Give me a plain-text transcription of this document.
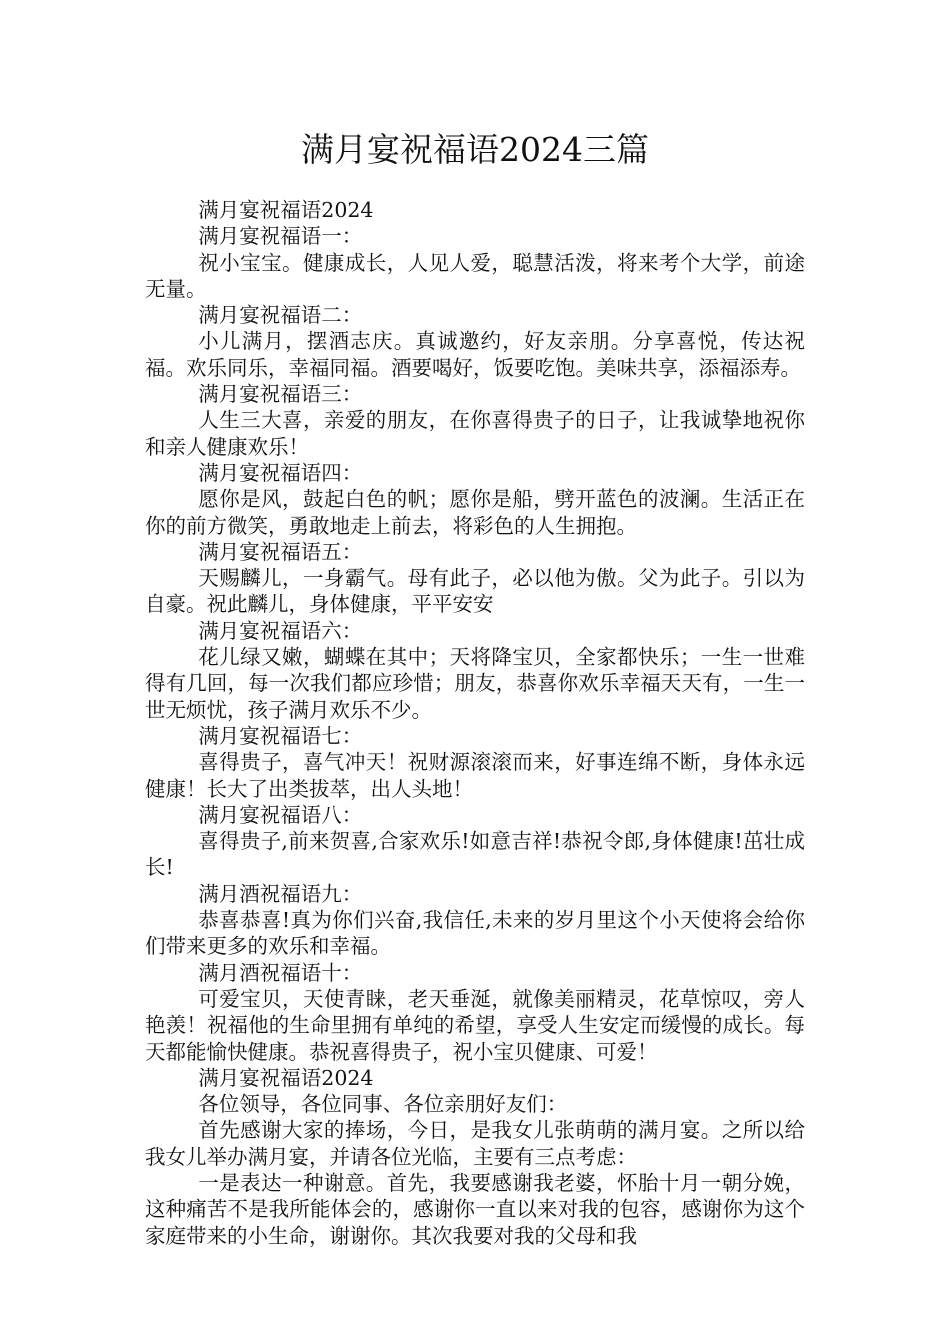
满月宴祝福语2024三篇

满月宴祝福语2024

满月宴祝福语一：

祝小宝宝。健康成长，人见人爱，聪慧活泼，将来考个大学，前途无量。

满月宴祝福语二：

小儿满月，摆酒志庆。真诚邀约，好友亲朋。分享喜悦，传达祝福。欢乐同乐，幸福同福。酒要喝好，饭要吃饱。美味共享，添福添寿。

满月宴祝福语三：

人生三大喜，亲爱的朋友，在你喜得贵子的日子，让我诚挚地祝你和亲人健康欢乐！

满月宴祝福语四：

愿你是风，鼓起白色的帆；愿你是船，劈开蓝色的波澜。生活正在你的前方微笑，勇敢地走上前去，将彩色的人生拥抱。

满月宴祝福语五：

天赐麟儿，一身霸气。母有此子，必以他为傲。父为此子。引以为自豪。祝此麟儿，身体健康，平平安安

满月宴祝福语六：

花儿绿又嫩，蝴蝶在其中；天将降宝贝，全家都快乐；一生一世难得有几回，每一次我们都应珍惜；朋友，恭喜你欢乐幸福天天有，一生一世无烦忧，孩子满月欢乐不少。

满月宴祝福语七：

喜得贵子，喜气冲天！祝财源滚滚而来，好事连绵不断，身体永远健康！长大了出类拔萃，出人头地！

满月宴祝福语八：

喜得贵子,前来贺喜,合家欢乐!如意吉祥!恭祝令郎,身体健康!茁壮成长!

满月酒祝福语九：

恭喜恭喜!真为你们兴奋,我信任,未来的岁月里这个小天使将会给你们带来更多的欢乐和幸福。

满月酒祝福语十：

可爱宝贝，天使青睐，老天垂涎，就像美丽精灵，花草惊叹，旁人艳羡！祝福他的生命里拥有单纯的希望，享受人生安定而缓慢的成长。每天都能愉快健康。恭祝喜得贵子，祝小宝贝健康、可爱！

满月宴祝福语2024

各位领导，各位同事、各位亲朋好友们：

首先感谢大家的捧场，今日，是我女儿张萌萌的满月宴。之所以给我女儿举办满月宴，并请各位光临，主要有三点考虑：

一是表达一种谢意。首先，我要感谢我老婆，怀胎十月一朝分娩，这种痛苦不是我所能体会的，感谢你一直以来对我的包容，感谢你为这个家庭带来的小生命，谢谢你。其次我要对我的父母和我
